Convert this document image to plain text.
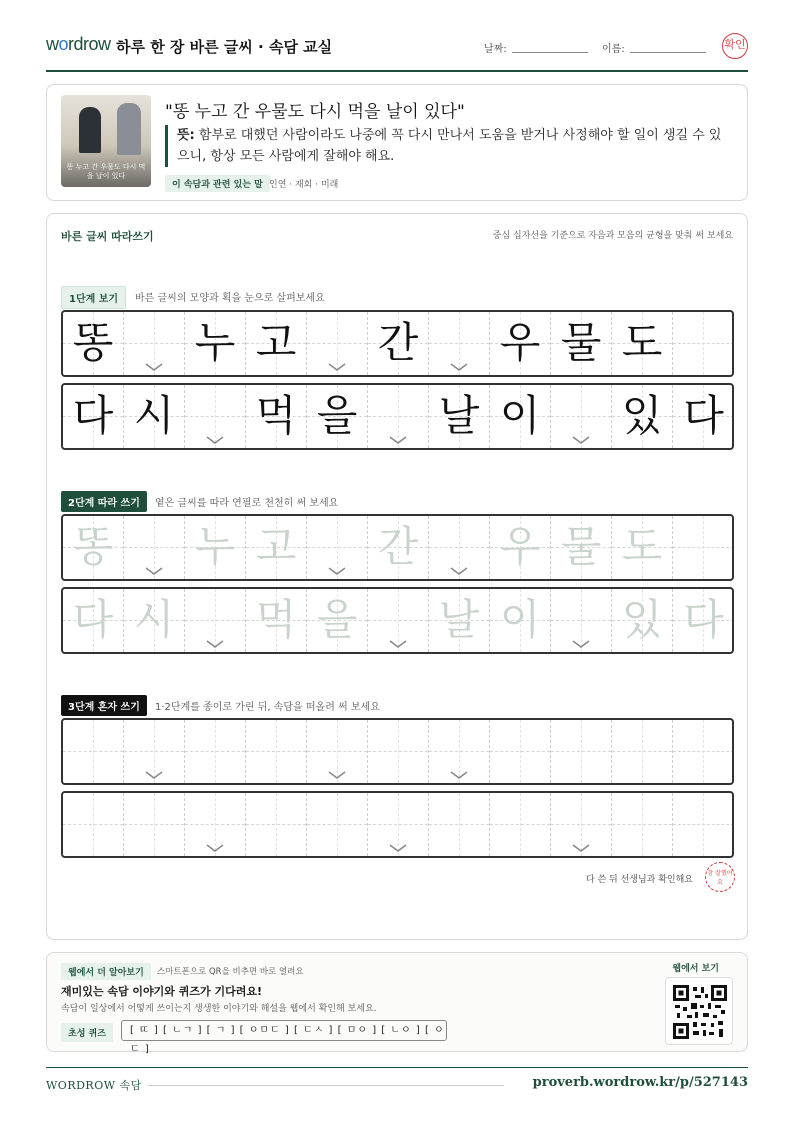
wordrow 하루 한 장 바른 글씨 · 속담 교실	날짜:	이름:	확인
똥 누고 간 우물도 다시 먹을 날이 있다
"똥 누고 간 우물도 다시 먹을 날이 있다"
뜻: 함부로 대했던 사람이라도 나중에 꼭 다시 만나서 도움을 받거나 사정해야 할 일이 생길 수 있으니, 항상 모든 사람에게 잘해야 해요.
이 속담과 관련 있는 말 인연 · 재회 · 미래
바른 글씨 따라쓰기	중심 십자선을 기준으로 자음과 모음의 균형을 맞춰 써 보세요
1단계 보기	바른 글씨의 모양과 획을 눈으로 살펴보세요
똥 누 고 간 우 물 도
다 시 먹 을 날 이 있 다
2단계 따라 쓰기	옅은 글씨를 따라 연필로 천천히 써 보세요
똥 누 고 간 우 물 도
다 시 먹 을 날 이 있 다
3단계 혼자 쓰기	1·2단계를 종이로 가린 뒤, 속담을 떠올려 써 보세요
다 쓴 뒤 선생님과 확인해요
참 잘했어요
웹에서 더 알아보기	스마트폰으로 QR을 비추면 바로 열려요
재미있는 속담 이야기와 퀴즈가 기다려요!
속담이 일상에서 어떻게 쓰이는지 생생한 이야기와 해설을 웹에서 확인해 보세요.
초성 퀴즈	[ ㄸ ] [ ㄴㄱ ] [ ㄱ ] [ ㅇㅁㄷ ] [ ㄷㅅ ] [ ㅁㅇ ] [ ㄴㅇ ] [ ㅇㄷ ]
웹에서 보기
WORDROW 속담	proverb.wordrow.kr/p/527143
